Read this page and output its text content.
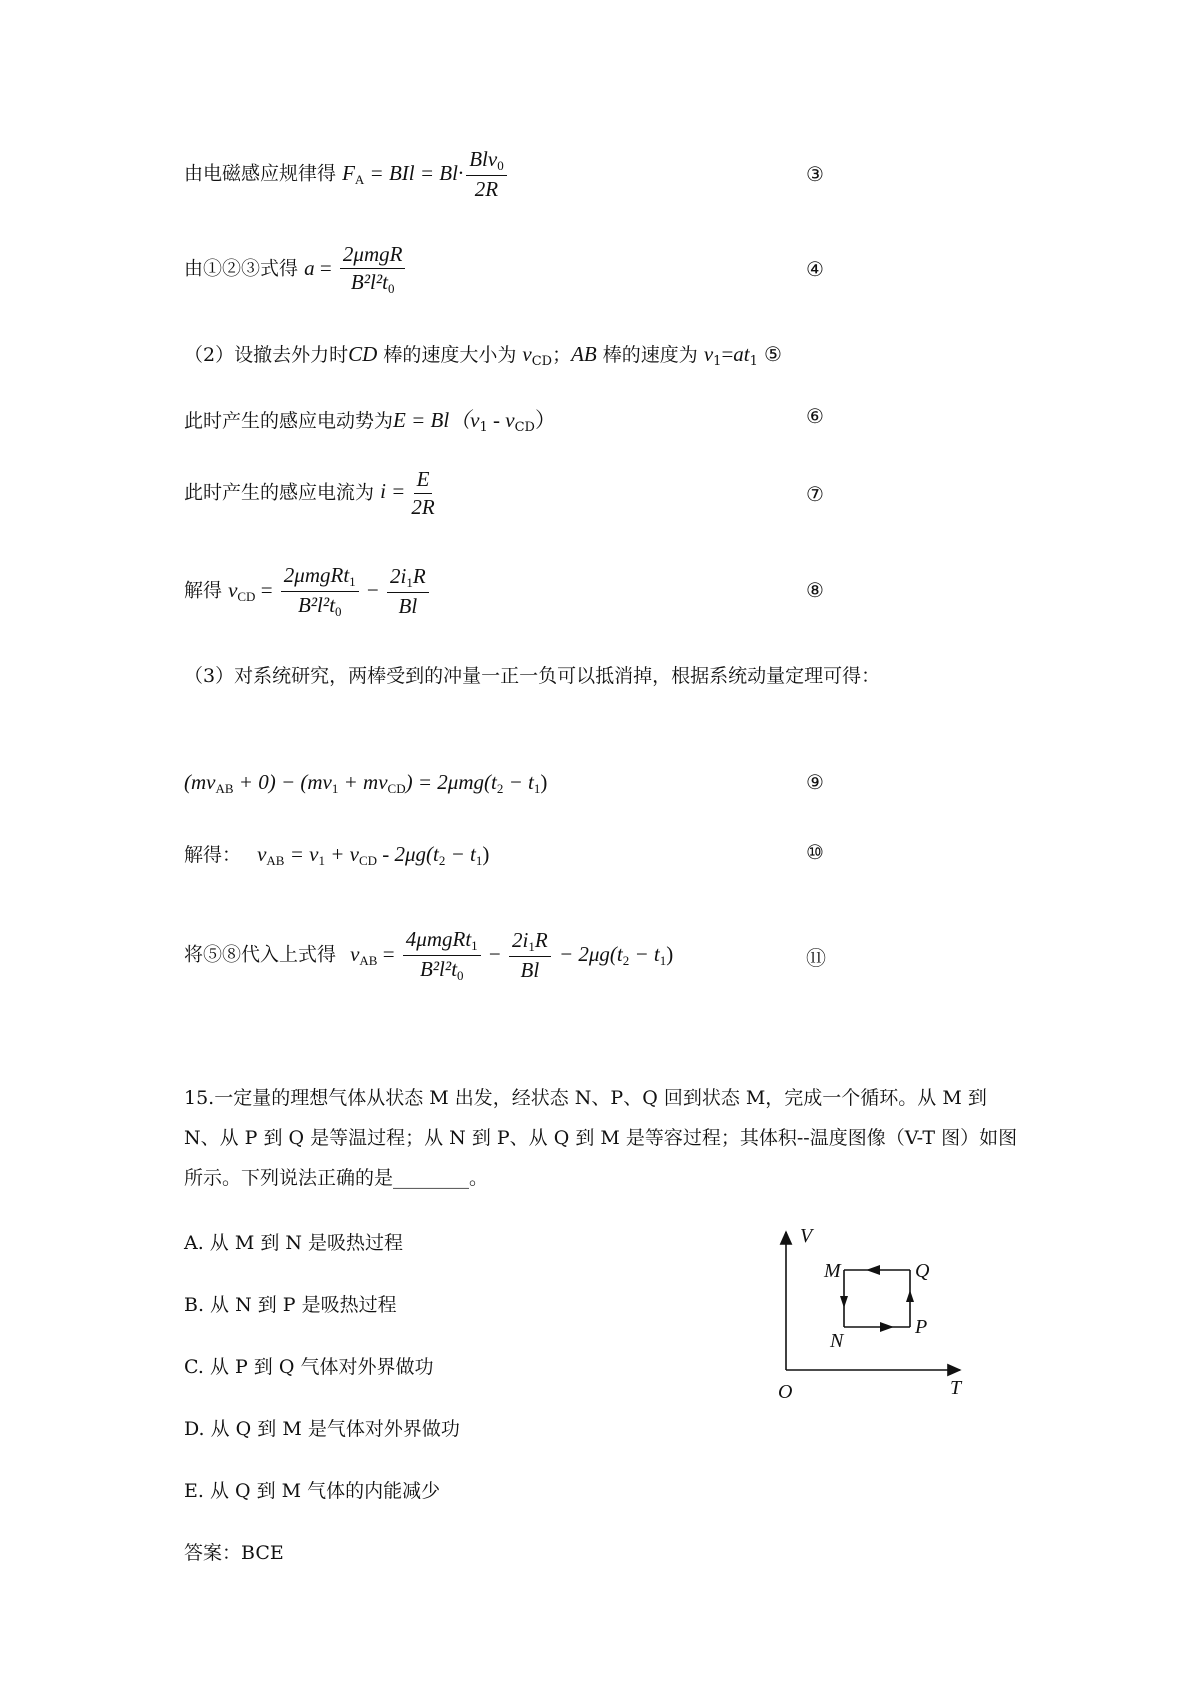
由电磁感应规律得 $F_A$ = BIl = $Bl\cdot \frac{Blv_0}{2R}$	③
由①②③式得 $a = \frac{\text{2μmgR}}{B^2l^2t_0}$	④
（2）设撤去外力时CD 棒的速度大小为 $v_{CD}$；AB 棒的速度为 $v_1=at_1$ ⑤
此时产生的感应电动势为$E = Bl(v_1 - v_{CD})$	⑥
此时产生的感应电流为 $i = \frac{E}{2R}$	⑦
解得 $v_{CD} = \frac{2\mu mgRt_1}{B^2l^2t_0} - \frac{2i_1R}{Bl}$	⑧
（3）对系统研究，两棒受到的冲量一正一负可以抵消掉，根据系统动量定理可得：
$(mv_{AB} + 0) - (mv_1 + mv_{CD}) = 2\mu mg(t_2 - t_1)$	⑨
解得： $v_{AB} = v_1 + v_{CD} - 2\mu g(t_2 - t_1)$	⑩
将⑤⑧代入上式得 $v_{AB} = \frac{4\mu mgRt_1}{B^2l^2t_0} - \frac{2i_1R}{Bl} - 2\mu g(t_2 - t_1)$	⑪
15.一定量的理想气体从状态 M 出发，经状态 N、P、Q 回到状态 M，完成一个循环。从 M 到 N、从 P 到 Q 是等温过程；从 N 到 P、从 Q 到 M 是等容过程；其体积--温度图像（V-T 图）如图所示。下列说法正确的是________。
A. 从 M 到 N 是吸热过程
B. 从 N 到 P 是吸热过程
C. 从 P 到 Q 气体对外界做功
D. 从 Q 到 M 是气体对外界做功
E. 从 Q 到 M 气体的内能减少
答案：BCE
V
T
O
M	Q
N
P
